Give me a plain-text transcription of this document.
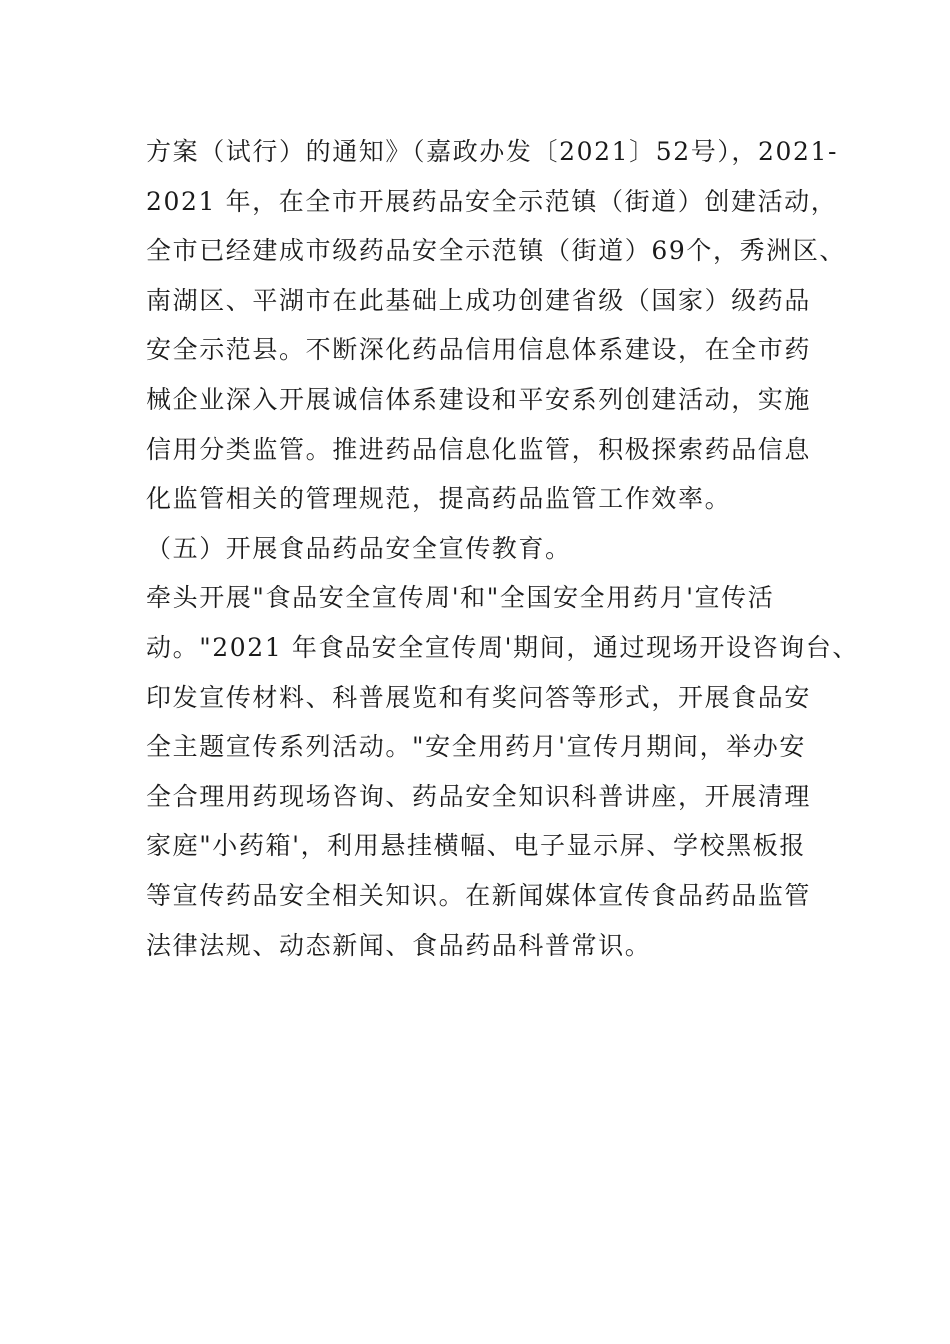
方案（试行）的通知》（嘉政办发〔2021〕52号），2021-
2021 年，在全市开展药品安全示范镇（街道）创建活动，
全市已经建成市级药品安全示范镇（街道）69个，秀洲区、
南湖区、平湖市在此基础上成功创建省级（国家）级药品
安全示范县。不断深化药品信用信息体系建设，在全市药
械企业深入开展诚信体系建设和平安系列创建活动，实施
信用分类监管。推进药品信息化监管，积极探索药品信息
化监管相关的管理规范，提高药品监管工作效率。
（五）开展食品药品安全宣传教育。
牵头开展"食品安全宣传周'和"全国安全用药月'宣传活
动。"2021 年食品安全宣传周'期间，通过现场开设咨询台、
印发宣传材料、科普展览和有奖问答等形式，开展食品安
全主题宣传系列活动。"安全用药月'宣传月期间，举办安
全合理用药现场咨询、药品安全知识科普讲座，开展清理
家庭"小药箱'，利用悬挂横幅、电子显示屏、学校黑板报
等宣传药品安全相关知识。在新闻媒体宣传食品药品监管
法律法规、动态新闻、食品药品科普常识。
